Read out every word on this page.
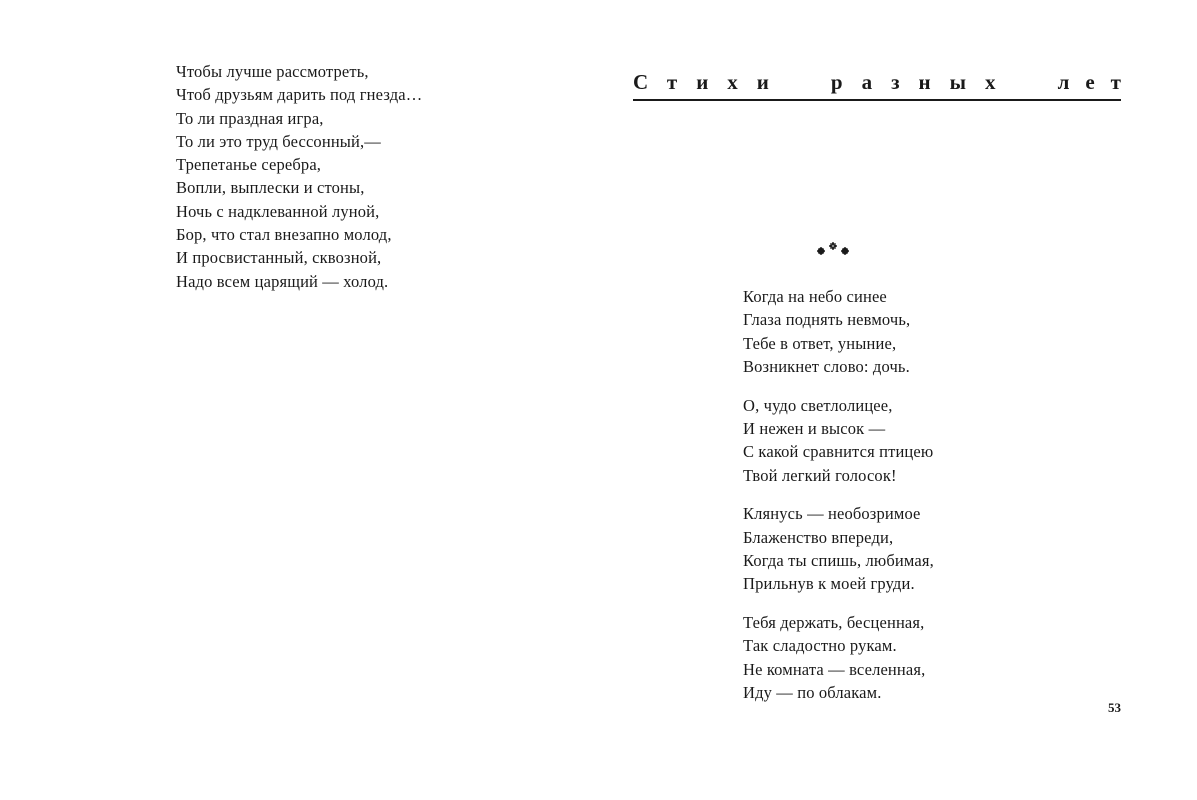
Чтобы лучше рассмотреть,
Чтоб друзьям дарить под гнезда…
То ли праздная игра,
То ли это труд бессонный,—
Трепетанье серебра,
Вопли, выплески и стоны,
Ночь с надклеванной луной,
Бор, что стал внезапно молод,
И просвистанный, сквозной,
Надо всем царящий — холод.
Стихи разных лет
Когда на небо синее
Глаза поднять невмочь,
Тебе в ответ, уныние,
Возникнет слово: дочь.
О, чудо светлолицее,
И нежен и высок —
С какой сравнится птицею
Твой легкий голосок!
Клянусь — необозримое
Блаженство впереди,
Когда ты спишь, любимая,
Прильнув к моей груди.
Тебя держать, бесценная,
Так сладостно рукам.
Не комната — вселенная,
Иду — по облакам.
53
